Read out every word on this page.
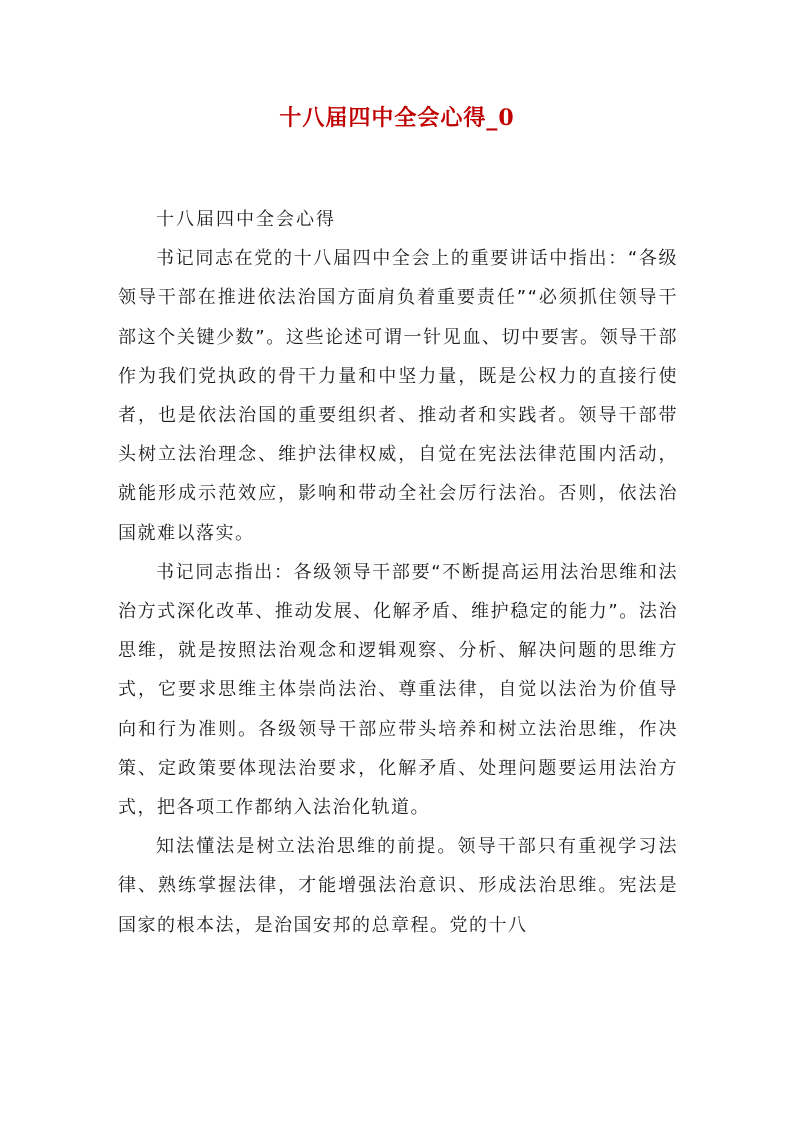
十八届四中全会心得_0

十八届四中全会心得

书记同志在党的十八届四中全会上的重要讲话中指出：“各级领导干部在推进依法治国方面肩负着重要责任”“必须抓住领导干部这个关键少数”。这些论述可谓一针见血、切中要害。领导干部作为我们党执政的骨干力量和中坚力量，既是公权力的直接行使者，也是依法治国的重要组织者、推动者和实践者。领导干部带头树立法治理念、维护法律权威，自觉在宪法法律范围内活动，就能形成示范效应，影响和带动全社会厉行法治。否则，依法治国就难以落实。

书记同志指出：各级领导干部要“不断提高运用法治思维和法治方式深化改革、推动发展、化解矛盾、维护稳定的能力”。法治思维，就是按照法治观念和逻辑观察、分析、解决问题的思维方式，它要求思维主体崇尚法治、尊重法律，自觉以法治为价值导向和行为准则。各级领导干部应带头培养和树立法治思维，作决策、定政策要体现法治要求，化解矛盾、处理问题要运用法治方式，把各项工作都纳入法治化轨道。

知法懂法是树立法治思维的前提。领导干部只有重视学习法律、熟练掌握法律，才能增强法治意识、形成法治思维。宪法是国家的根本法，是治国安邦的总章程。党的十八
